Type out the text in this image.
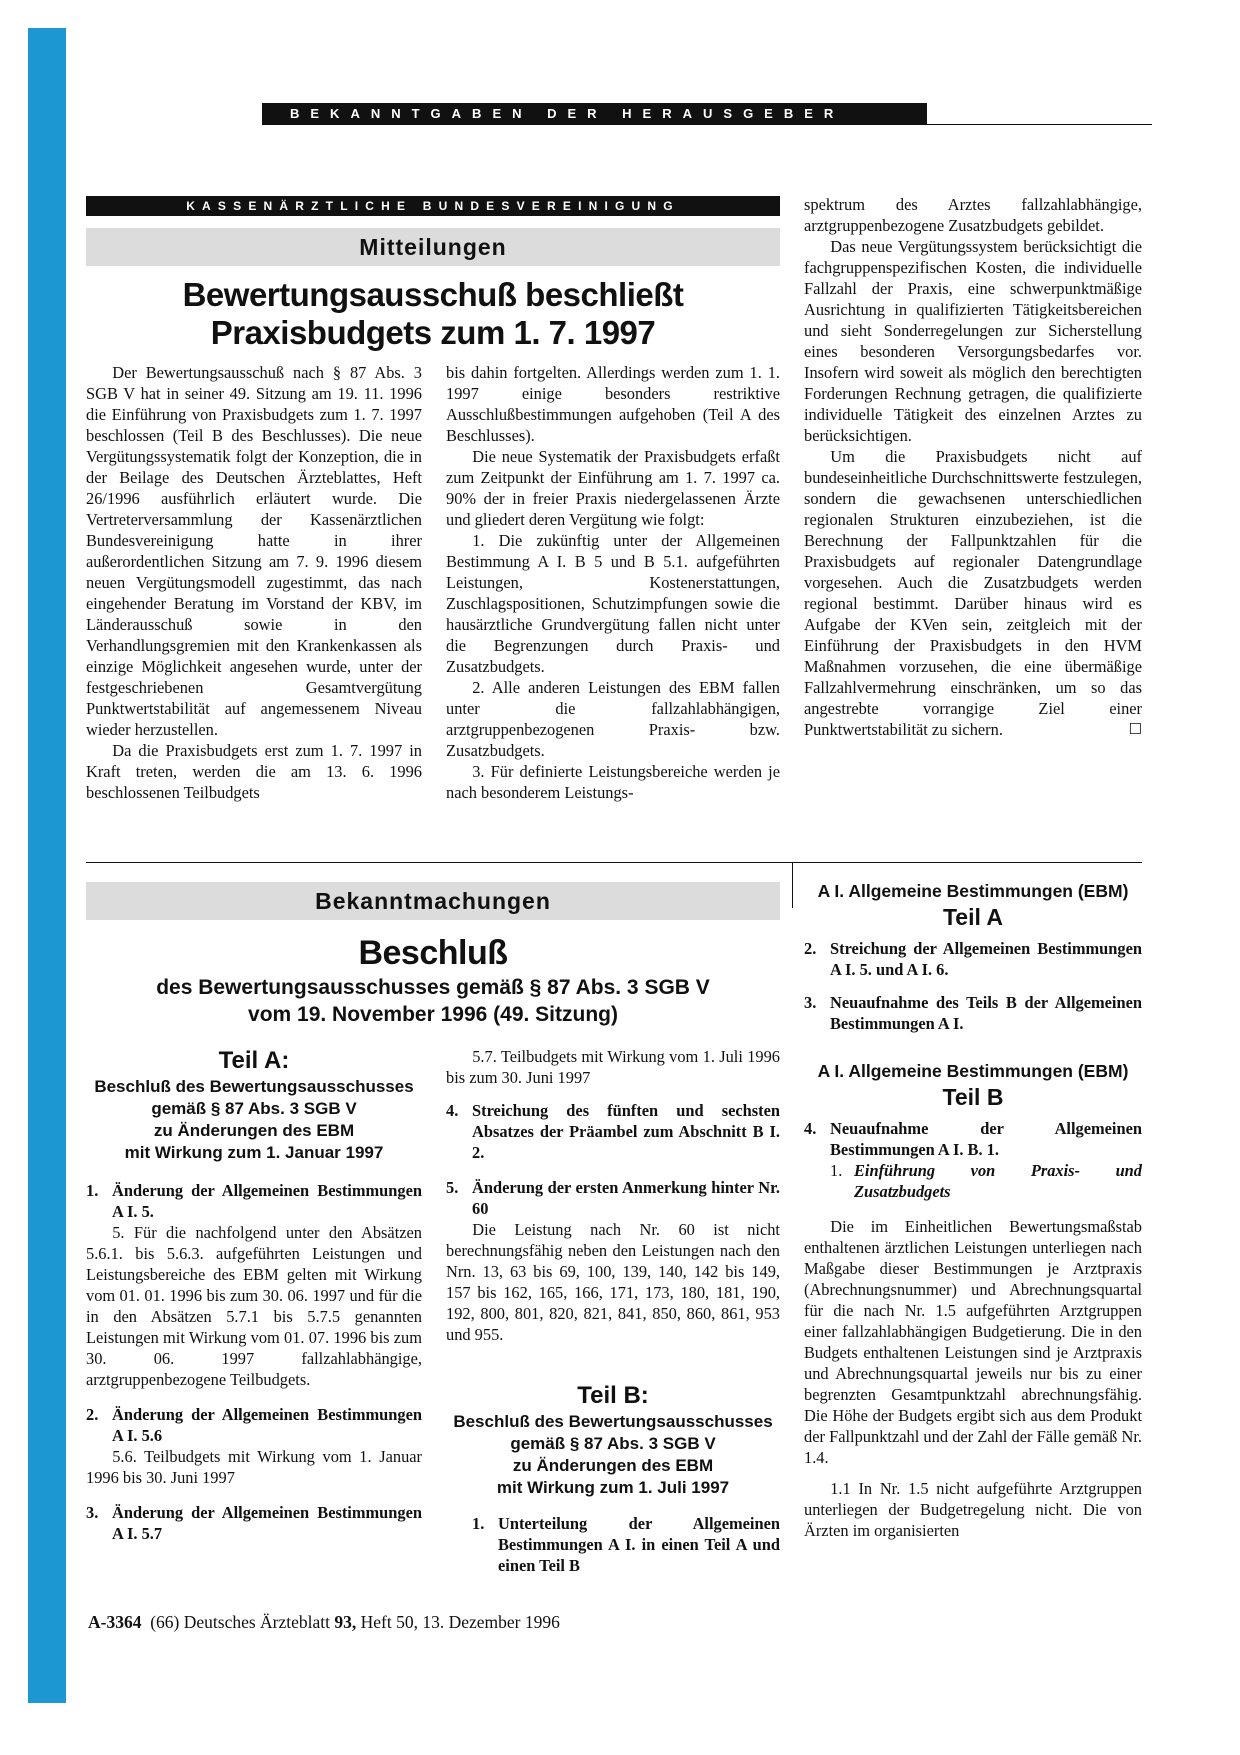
BEKANNTGABEN DER HERAUSGEBER
KASSENÄRZTLICHE BUNDESVEREINIGUNG
Mitteilungen
Bewertungsausschuß beschließt
Praxisbudgets zum 1. 7. 1997

Der Bewertungsausschuß nach § 87 Abs. 3 SGB V hat in seiner 49. Sitzung am 19. 11. 1996 die Einführung von Praxisbudgets zum 1. 7. 1997 beschlossen (Teil B des Beschlusses). Die neue Vergütungssystematik folgt der Konzeption, die in der Beilage des Deutschen Ärzteblattes, Heft 26/1996 ausführlich erläutert wurde. Die Vertreterversammlung der Kassenärztlichen Bundesvereinigung hatte in ihrer außerordentlichen Sitzung am 7. 9. 1996 diesem neuen Vergütungsmodell zugestimmt, das nach eingehender Beratung im Vorstand der KBV, im Länderausschuß sowie in den Verhandlungsgremien mit den Krankenkassen als einzige Möglichkeit angesehen wurde, unter der festgeschriebenen Gesamtvergütung Punktwertstabilität auf angemessenem Niveau wieder herzustellen.

Da die Praxisbudgets erst zum 1. 7. 1997 in Kraft treten, werden die am 13. 6. 1996 beschlossenen Teilbudgets

bis dahin fortgelten. Allerdings werden zum 1. 1. 1997 einige besonders restriktive Ausschlußbestimmungen aufgehoben (Teil A des Beschlusses).

Die neue Systematik der Praxisbudgets erfaßt zum Zeitpunkt der Einführung am 1. 7. 1997 ca. 90% der in freier Praxis niedergelassenen Ärzte und gliedert deren Vergütung wie folgt:

1. Die zukünftig unter der Allgemeinen Bestimmung A I. B 5 und B 5.1. aufgeführten Leistungen, Kostenerstattungen, Zuschlagspositionen, Schutzimpfungen sowie die hausärztliche Grundvergütung fallen nicht unter die Begrenzungen durch Praxis- und Zusatzbudgets.

2. Alle anderen Leistungen des EBM fallen unter die fallzahlabhängigen, arztgruppenbezogenen Praxis- bzw. Zusatzbudgets.

3. Für definierte Leistungsbereiche werden je nach besonderem Leistungs-

spektrum des Arztes fallzahlabhängige, arztgruppenbezogene Zusatzbudgets gebildet.

Das neue Vergütungssystem berücksichtigt die fachgruppenspezifischen Kosten, die individuelle Fallzahl der Praxis, eine schwerpunktmäßige Ausrichtung in qualifizierten Tätigkeitsbereichen und sieht Sonderregelungen zur Sicherstellung eines besonderen Versorgungsbedarfes vor. Insofern wird soweit als möglich den berechtigten Forderungen Rechnung getragen, die qualifizierte individuelle Tätigkeit des einzelnen Arztes zu berücksichtigen.

Um die Praxisbudgets nicht auf bundeseinheitliche Durchschnittswerte festzulegen, sondern die gewachsenen unterschiedlichen regionalen Strukturen einzubeziehen, ist die Berechnung der Fallpunktzahlen für die Praxisbudgets auf regionaler Datengrundlage vorgesehen. Auch die Zusatzbudgets werden regional bestimmt. Darüber hinaus wird es Aufgabe der KVen sein, zeitgleich mit der Einführung der Praxisbudgets in den HVM Maßnahmen vorzusehen, die eine übermäßige Fallzahlvermehrung einschränken, um so das angestrebte vorrangige Ziel einer Punktwertstabilität zu sichern.	☐

Bekanntmachungen
Beschluß
des Bewertungsausschusses gemäß § 87 Abs. 3 SGB V
vom 19. November 1996 (49. Sitzung)
Teil A:
Beschluß des Bewertungsausschusses
gemäß § 87 Abs. 3 SGB V
zu Änderungen des EBM
mit Wirkung zum 1. Januar 1997
1. Änderung der Allgemeinen Bestimmungen A I. 5.

5. Für die nachfolgend unter den Absätzen 5.6.1. bis 5.6.3. aufgeführten Leistungen und Leistungsbereiche des EBM gelten mit Wirkung vom 01. 01. 1996 bis zum 30. 06. 1997 und für die in den Absätzen 5.7.1 bis 5.7.5 genannten Leistungen mit Wirkung vom 01. 07. 1996 bis zum 30. 06. 1997 fallzahlabhängige, arztgruppenbezogene Teilbudgets.

2. Änderung der Allgemeinen Bestimmungen A I. 5.6

5.6. Teilbudgets mit Wirkung vom 1. Januar 1996 bis 30. Juni 1997

3. Änderung der Allgemeinen Bestimmungen A I. 5.7

5.7. Teilbudgets mit Wirkung vom 1. Juli 1996 bis zum 30. Juni 1997

4. Streichung des fünften und sechsten Absatzes der Präambel zum Abschnitt B I. 2.
5. Änderung der ersten Anmerkung hinter Nr. 60

Die Leistung nach Nr. 60 ist nicht berechnungsfähig neben den Leistungen nach den Nrn. 13, 63 bis 69, 100, 139, 140, 142 bis 149, 157 bis 162, 165, 166, 171, 173, 180, 181, 190, 192, 800, 801, 820, 821, 841, 850, 860, 861, 953 und 955.

Teil B:
Beschluß des Bewertungsausschusses
gemäß § 87 Abs. 3 SGB V
zu Änderungen des EBM
mit Wirkung zum 1. Juli 1997
1. Unterteilung der Allgemeinen Bestimmungen A I. in einen Teil A und einen Teil B
A I. Allgemeine Bestimmungen (EBM)
Teil A
2. Streichung der Allgemeinen Bestimmungen A I. 5. und A I. 6.
3. Neuaufnahme des Teils B der Allgemeinen Bestimmungen A I.
A I. Allgemeine Bestimmungen (EBM)
Teil B
4. Neuaufnahme der Allgemeinen Bestimmungen A I. B. 1.
1. Einführung von Praxis- und Zusatzbudgets

Die im Einheitlichen Bewertungsmaßstab enthaltenen ärztlichen Leistungen unterliegen nach Maßgabe dieser Bestimmungen je Arztpraxis (Abrechnungsnummer) und Abrechnungsquartal für die nach Nr. 1.5 aufgeführten Arztgruppen einer fallzahlabhängigen Budgetierung. Die in den Budgets enthaltenen Leistungen sind je Arztpraxis und Abrechnungsquartal jeweils nur bis zu einer begrenzten Gesamtpunktzahl abrechnungsfähig. Die Höhe der Budgets ergibt sich aus dem Produkt der Fallpunktzahl und der Zahl der Fälle gemäß Nr. 1.4.

1.1 In Nr. 1.5 nicht aufgeführte Arztgruppen unterliegen der Budgetregelung nicht. Die von Ärzten im organisierten

A-3364 (66) Deutsches Ärzteblatt 93, Heft 50, 13. Dezember 1996
